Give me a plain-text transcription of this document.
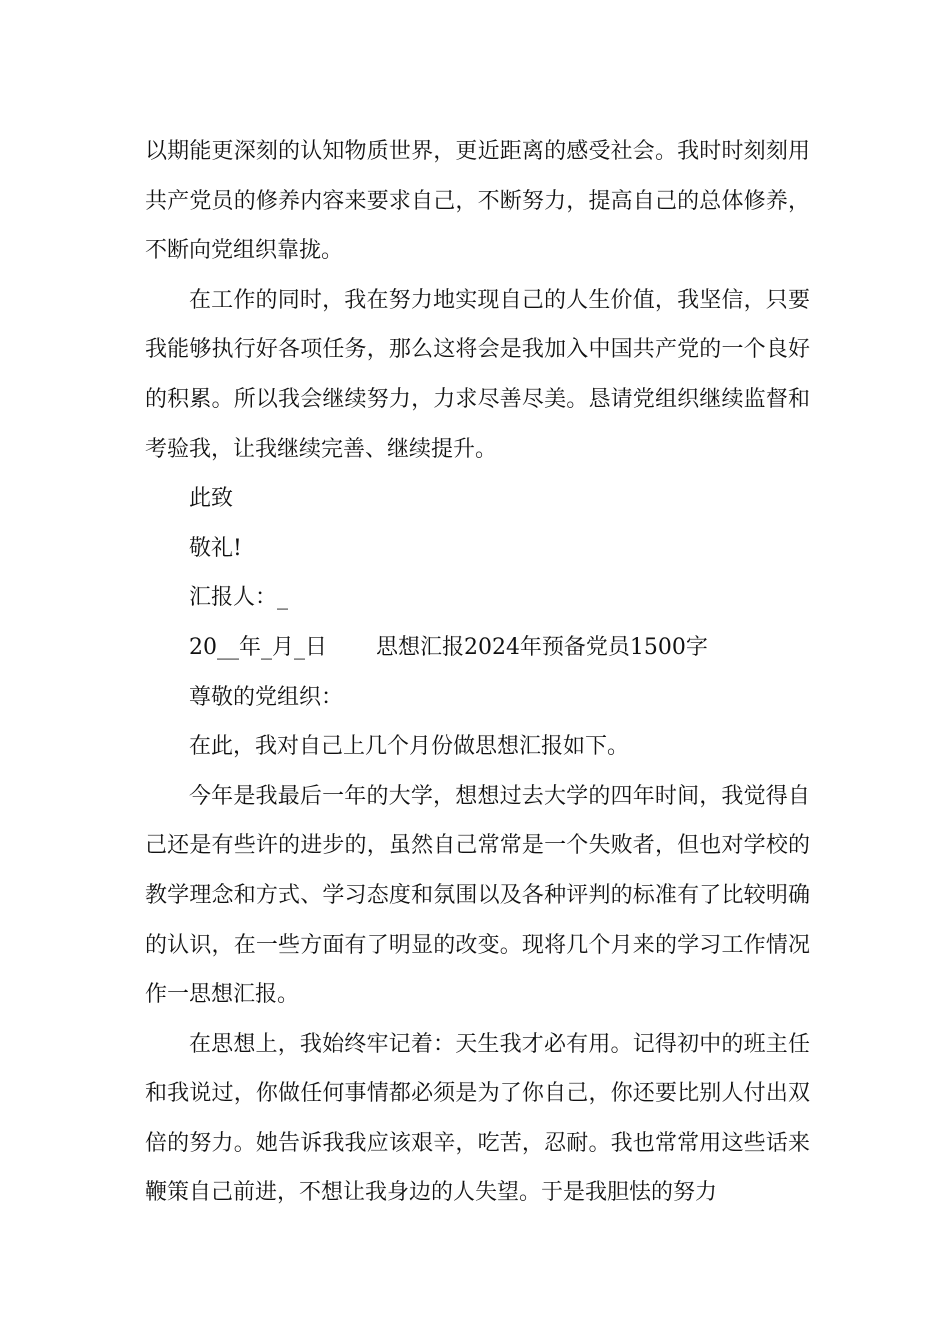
以期能更深刻的认知物质世界，更近距离的感受社会。我时时刻刻用共产党员的修养内容来要求自己，不断努力，提高自己的总体修养，不断向党组织靠拢。

在工作的同时，我在努力地实现自己的人生价值，我坚信，只要我能够执行好各项任务，那么这将会是我加入中国共产党的一个良好的积累。所以我会继续努力，力求尽善尽美。恳请党组织继续监督和考验我，让我继续完善、继续提升。

此致

敬礼!

汇报人：_

20__年_月_日       思想汇报2024年预备党员1500字

尊敬的党组织：

在此，我对自己上几个月份做思想汇报如下。

今年是我最后一年的大学，想想过去大学的四年时间，我觉得自己还是有些许的进步的，虽然自己常常是一个失败者，但也对学校的教学理念和方式、学习态度和氛围以及各种评判的标准有了比较明确的认识，在一些方面有了明显的改变。现将几个月来的学习工作情况作一思想汇报。

在思想上，我始终牢记着：天生我才必有用。记得初中的班主任和我说过，你做任何事情都必须是为了你自己，你还要比别人付出双倍的努力。她告诉我我应该艰辛，吃苦，忍耐。我也常常用这些话来鞭策自己前进，不想让我身边的人失望。于是我胆怯的努力
